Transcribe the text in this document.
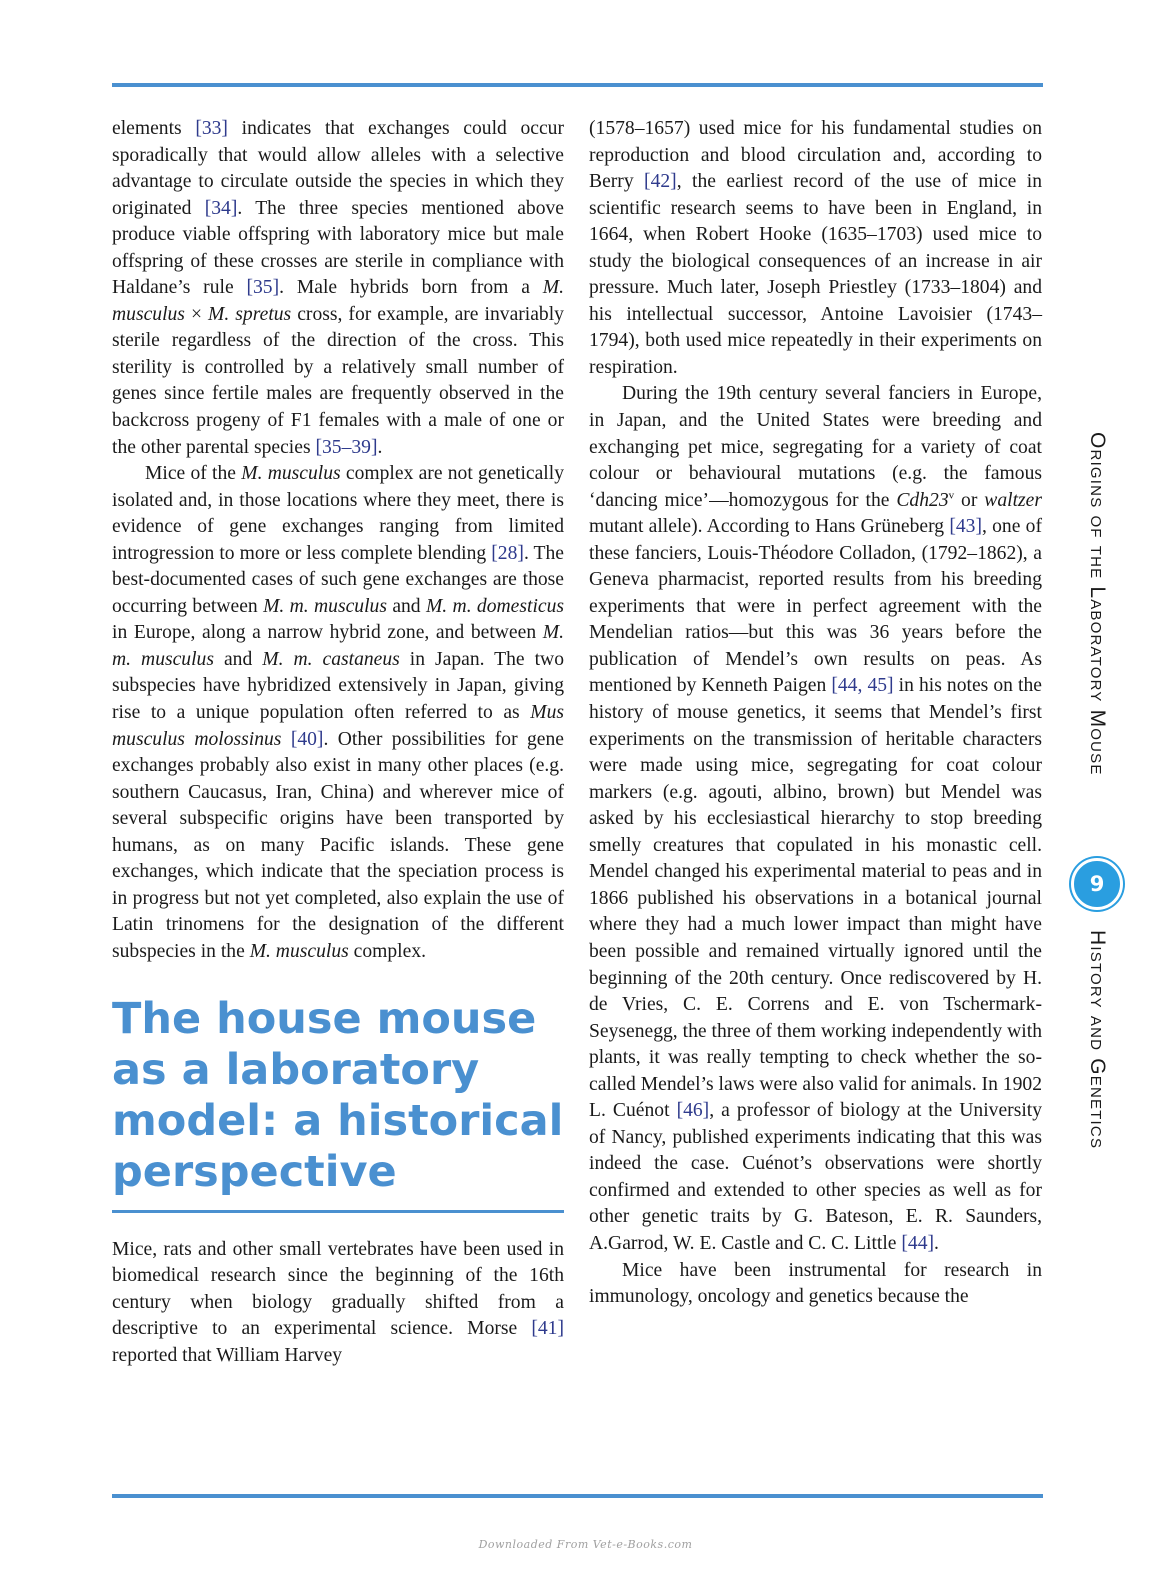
elements [33] indicates that exchanges could occur sporadically that would allow alleles with a selective advantage to circulate outside the species in which they originated [34]. The three species mentioned above produce viable offspring with laboratory mice but male offspring of these crosses are sterile in compliance with Haldane’s rule [35]. Male hybrids born from a M. musculus × M. spretus cross, for example, are invariably sterile regardless of the direction of the cross. This sterility is controlled by a relatively small number of genes since fertile males are frequently observed in the backcross progeny of F1 females with a male of one or the other parental species [35–39].

Mice of the M. musculus complex are not genetically isolated and, in those locations where they meet, there is evidence of gene exchanges ranging from limited introgression to more or less complete blending [28]. The best-documented cases of such gene exchanges are those occurring between M. m. musculus and M. m. domesticus in Europe, along a narrow hybrid zone, and between M. m. musculus and M. m. castaneus in Japan. The two subspecies have hybridized extensively in Japan, giving rise to a unique population often referred to as Mus musculus molossinus [40]. Other possibilities for gene exchanges probably also exist in many other places (e.g. southern Caucasus, Iran, China) and wherever mice of several subspecific origins have been transported by humans, as on many Pacific islands. These gene exchanges, which indicate that the speciation process is in progress but not yet completed, also explain the use of Latin trinomens for the designation of the different subspecies in the M. musculus complex.

The house mouse as a laboratory model: a historical perspective

Mice, rats and other small vertebrates have been used in biomedical research since the beginning of the 16th century when biology gradually shifted from a descriptive to an experimental science. Morse [41] reported that William Harvey

(1578–1657) used mice for his fundamental studies on reproduction and blood circulation and, according to Berry [42], the earliest record of the use of mice in scientific research seems to have been in England, in 1664, when Robert Hooke (1635–1703) used mice to study the biological consequences of an increase in air pressure. Much later, Joseph Priestley (1733–1804) and his intellectual successor, Antoine Lavoisier (1743–1794), both used mice repeatedly in their experiments on respiration.

During the 19th century several fanciers in Europe, in Japan, and the United States were breeding and exchanging pet mice, segregating for a variety of coat colour or behavioural mutations (e.g. the famous ‘dancing mice’—homozygous for the Cdh23$^v$ or waltzer mutant allele). According to Hans Grüneberg [43], one of these fanciers, Louis-Théodore Colladon, (1792–1862), a Geneva pharmacist, reported results from his breeding experiments that were in perfect agreement with the Mendelian ratios—but this was 36 years before the publication of Mendel’s own results on peas. As mentioned by Kenneth Paigen [44, 45] in his notes on the history of mouse genetics, it seems that Mendel’s first experiments on the transmission of heritable characters were made using mice, segregating for coat colour markers (e.g. agouti, albino, brown) but Mendel was asked by his ecclesiastical hierarchy to stop breeding smelly creatures that copulated in his monastic cell. Mendel changed his experimental material to peas and in 1866 published his observations in a botanical journal where they had a much lower impact than might have been possible and remained virtually ignored until the beginning of the 20th century. Once rediscovered by H. de Vries, C. E. Correns and E. von Tschermark-Seysenegg, the three of them working independently with plants, it was really tempting to check whether the so-called Mendel’s laws were also valid for animals. In 1902 L. Cuénot [46], a professor of biology at the University of Nancy, published experiments indicating that this was indeed the case. Cuénot’s observations were shortly confirmed and extended to other species as well as for other genetic traits by G. Bateson, E. R. Saunders, A.Garrod, W. E. Castle and C. C. Little [44].

Mice have been instrumental for research in immunology, oncology and genetics because the

Origins of the Laboratory Mouse
9
History and Genetics
Downloaded From Vet-e-Books.com
